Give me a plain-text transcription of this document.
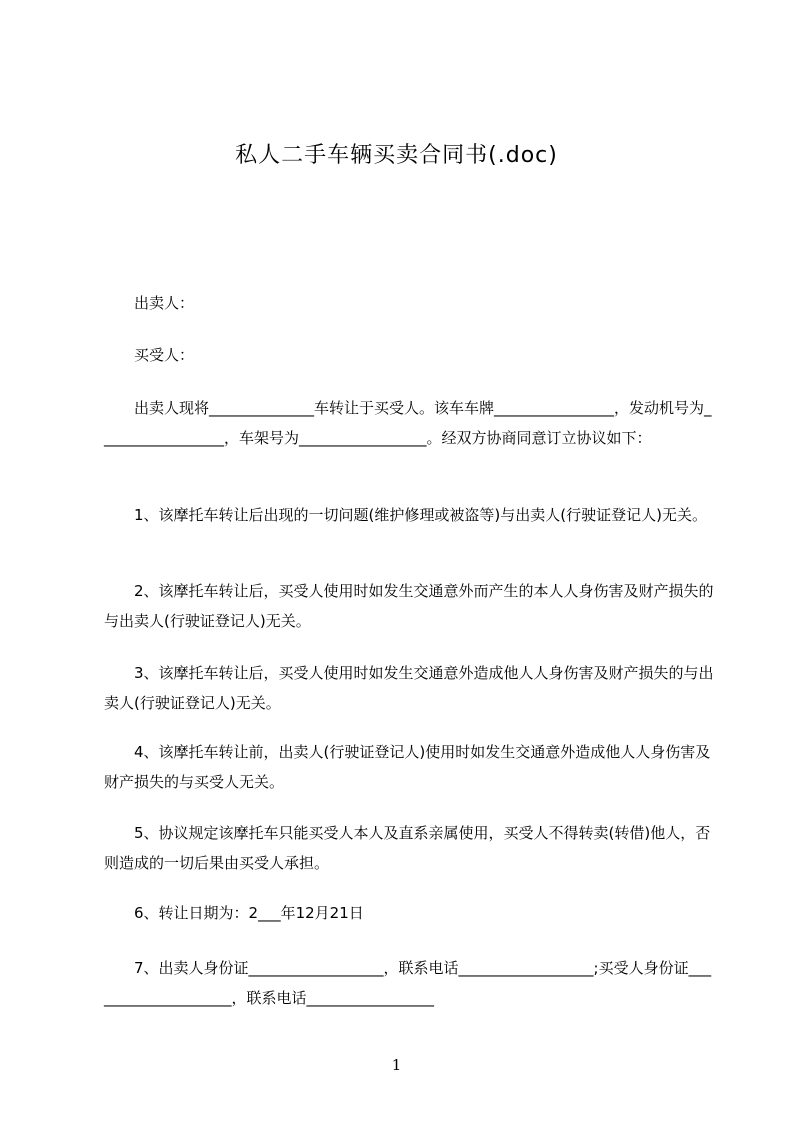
私人二手车辆买卖合同书(.doc)
出卖人：
买受人：
出卖人现将______________车转让于买受人。该车车牌________________，发动机号为_________________，车架号为_________________。经双方协商同意订立协议如下：
1、该摩托车转让后出现的一切问题(维护修理或被盗等)与出卖人(行驶证登记人)无关。
2、该摩托车转让后，买受人使用时如发生交通意外而产生的本人人身伤害及财产损失的与出卖人(行驶证登记人)无关。
3、该摩托车转让后，买受人使用时如发生交通意外造成他人人身伤害及财产损失的与出卖人(行驶证登记人)无关。
4、该摩托车转让前，出卖人(行驶证登记人)使用时如发生交通意外造成他人人身伤害及财产损失的与买受人无关。
5、协议规定该摩托车只能买受人本人及直系亲属使用，买受人不得转卖(转借)他人，否则造成的一切后果由买受人承担。
6、转让日期为：2___年12月21日
7、出卖人身份证__________________，联系电话__________________;买受人身份证____________________，联系电话_________________
1
